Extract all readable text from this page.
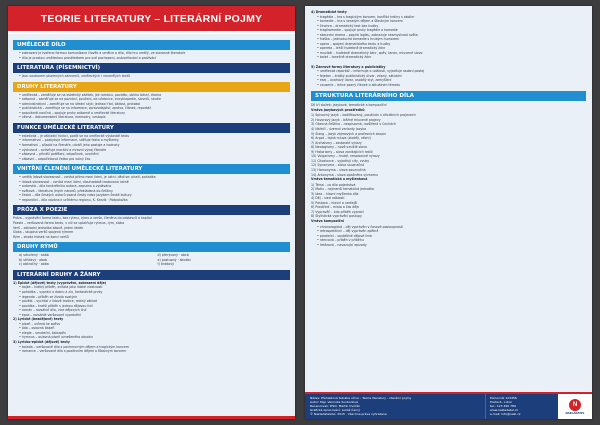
TEORIE LITERATURY – LITERÁRNÍ POJMY
UMĚLECKÉ DÍLO
• zobrazení je tvořeno formou komunikace člověk a umělce a dílo, dílo hru umělý, ve slovesné literatuře
• dílo je prostou uměleckou prostředkem pro své pochopení, znázorňování a prožívání
LITERATURA (PÍSEMNICTVÍ)
• jsou souborem písemných záznamů, uměleckých i neumělých textů
DRUHY LITERATURY
• umělecká – zaměřuje se na estetický zážitek, jež románu, povídku, sbírku básní, drama
• odborná – zaměřuje se na poznání, poučení, od učebnice, encyklopedie, slovník, studie
• administrativní – zaměřuje se na úřední styk; jednací řád, žádost, protokol
• publicistická – zaměřuje se na informace, zpravodajství; zpráva, článek, reportáž
• populárně-naučná – spojuje prvky odborné a umělecké literatury
• věcná – dokumentární literatura, memoáry, cestopis
FUNKCE UMĚLECKÉ LITERATURY
• estetická – je základní funkcí, podílí se na umělecké výstavbě textu
• informativní – poskytuje informace, sděluje fakta a myšlenky
• formativní – působí na čtenáře, utváří jeho postoje a hodnoty
• výchovná – ovlivňuje morální a mravní vývoj čtenáře
• zábavná – přináší potěšení, odpočinek, uvolnění
• zábavní – odpočinková četba pro volný čas
VNITŘNÍ ČLENĚNÍ UMĚLECKÉ LITERATURY
• umělá lidová slovesnost – vzniká přímo mezi lidmi, je ústní, dědí se: píseň, pohádka
• lidová slovesnost – vzniká mezi lidmi, dlouhodobě tradovaná ústně
• autorská – dílo konkrétního autora, zapsáno a vydáváno
• světová – literatura jiných národů, překládaná do češtiny
• česká – díla českých autorů psaná česky nebo jazykem české kultury
• regionální – díla vázána k určitému regionu, K. Kerzík · Podpoložka
PRÓZA X POEZIE
Próza – vyprávěcí forma textu, bez rytmu, rýmu a verše, členěna do odstavců a kapitol
Poezie – veršovaná forma textu, v níž se uplatňuje rytmus, rým, sloka
Verš – základní jednotka básně, jeden řádek
Sloka – skupina veršů spojená rýmem
Rým – shoda hlásek na konci veršů
DRUHY RÝMŮ
a) sdružený · aabb
b) střídavý · abab
c) obkročný · abba
d) přerývaný · abcb
e) postupný · abcabc
f) tirádový
LITERÁRNÍ DRUHY A ŽÁNRY
1) Epické (dějové) texty (vyprávění, zobrazení děje)
• bajka – krátký příběh, zvířata jako lidské vlastnosti
• pohádka – vypráví o dobru a zlu, fantastické prvky
• legenda – příběh ze života svatých
• pověst – vychází z lidové tradice, reálný základ
• povídka – kratší příběh s jednou dějovou linií
• román – rozsáhlé dílo, více dějových linií
• epos – rozsáhlé veršované vyprávění
2) Lyrické (bezdějové) texty
• píseň – určená ke zpěvu
• óda – oslavná báseň
• elegie – smuteční, žalozpěv
• hymnus – oslavná píseň vznešeného obsahu
3) Lyricko-epické (dějové) texty
• balada – veršované dílo s pochmurným dějem a tragickým koncem
• romance – veršované dílo s pozitivním dějem a šťastným koncem
4) Dramatické texty
• tragédie – hra s tragickým koncem, konflikt hrdiny s okolím
• komedie – hra s veselým dějem a šťastným koncem
• činohra – dramatický text bez hudby
• tragikomedie – spojuje prvky tragédie a komedie
• absurdní drama – popírá logiku, zobrazuje nesmyslnost světa
• fraška – jednoduchá komedie s hrubým humorem
• opera – spojení dramatického textu a hudby
• opereta – lehčí hudebně dramatický žánr
• muzikál – hudebně dramatický žánr, zpěv, tanec, mluvené slovo
• balet – tanečně dramatický žánr

5) Žánrové formy literatury a publicistiky
• umělecká reportáž – informuje o události, vyjadřuje osobní postoj
• fejeton – krátký publicistický útvar, vtipný, aktuální
• esej – úvahový útvar, osobitý styl, zamyšlení
• causerie – lehce psaný článek o aktuálním tématu
STRUKTURA LITERÁRNÍHO DÍLA
Díl tří složek: jazykové, tematické a kompoziční
Vrstva jazykových prostředků
1) Spisovný jazyk – kodifikovaný, používán v oficiálních projevech
2) Hovorový jazyk – běžné mluvené projevy
3) Obecná čeština – nespisovná, rozšířená v Čechách
4) Nářečí – územní varianty jazyka
5) Slang – jazyk zájmových a profesních skupin
6) Argot – tajná mluva (zloději, vězni)
7) Archaismy – zastaralé výrazy
8) Neologismy – nově vzniklé slova
9) Historismy – slova zanikajících reálií
10) Vulgarismy – hrubé, nespisovné výrazy
11) Citoslovce – vyjadřují city, zvuky
12) Synonyma – slova souznačná
13) Homonyma – slova souzvučná
14) Antonyma – slova opačného významu
Vrstva tematická a myšlenková
1) Téma – co dílo pojednává
2) Motiv – nejmenší tematická jednotka
3) Idea – hlavní myšlenka díla
4) Děj – sled událostí
5) Postava – hlavní a vedlejší
6) Prostředí – místo a čas děje
7) Vypravěč – kdo příběh vypráví
8) Stylistická vyprávěcí postupy
Vrstva kompoziční
• chronologická – děj vyprávěn v časové posloupnosti
• retrospektivní – děj vyprávěn zpětně
• paralelní – souběžné dějové linie
• rámcová – příběh v příběhu
• řetězová – navazující epizody
Název: Přehledová tabulka učiva – Teorie literatury – literární pojmy
Autor: Mgr. Veronika Svobodová
Recenzovali: PhDr. Martin Dvořák
Grafické zpracování: Lukáš Černý
© Nakladatelství, 2015 · Všechna práva vyhrazena
Pomocník 123456
Praha 6 - Liboc
tel.: 123 456 789
www.nakladatel.cz
e-mail: info@nakl.cz
N
NAKLADATEL
